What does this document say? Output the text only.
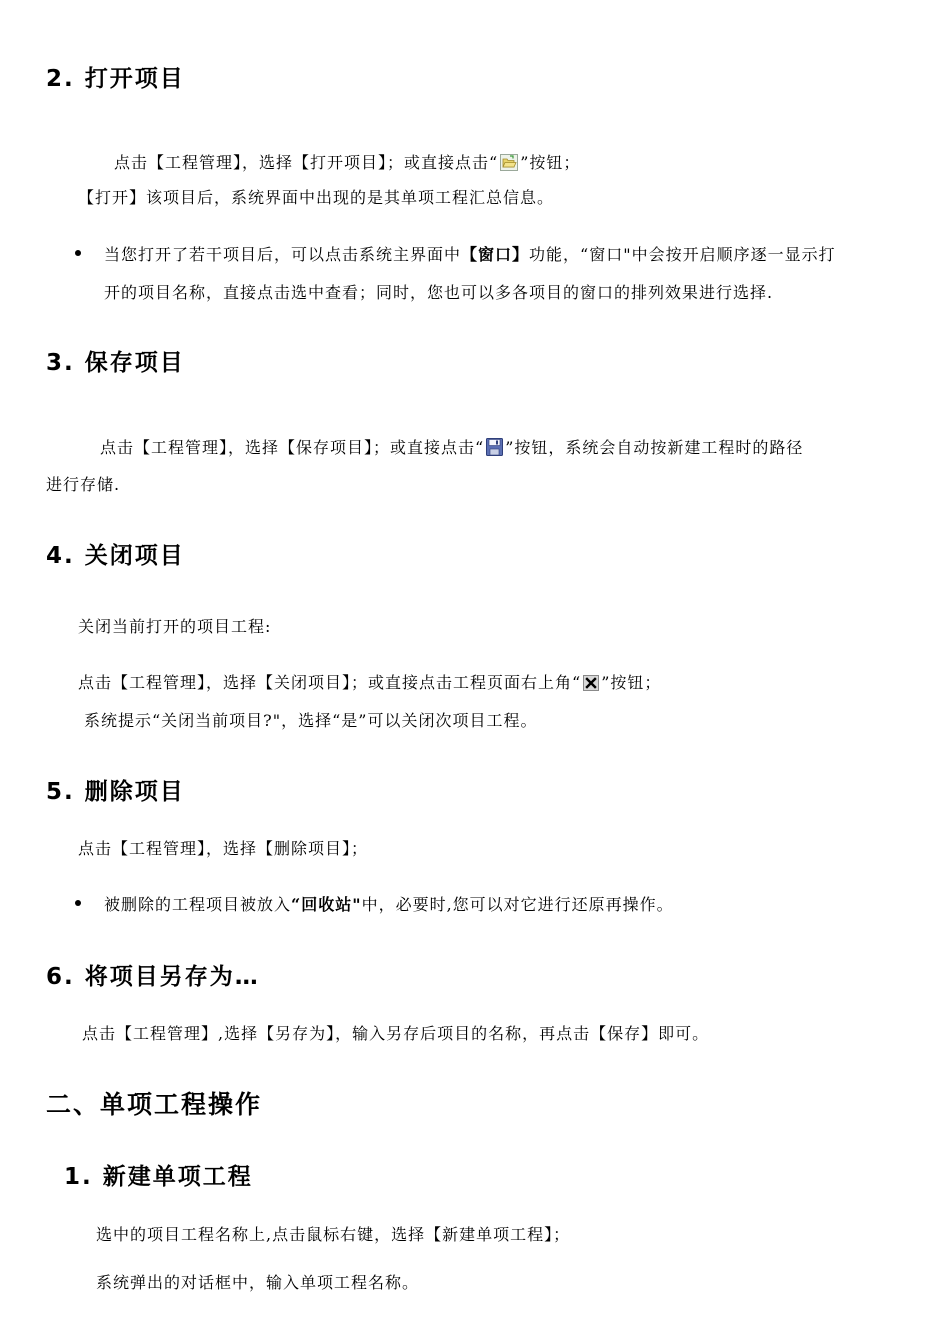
2. 打开项目
点击【工程管理】，选择【打开项目】；或直接点击“ ”按钮；
【打开】该项目后，系统界面中出现的是其单项工程汇总信息。
当您打开了若干项目后，可以点击系统主界面中【窗口】功能，“窗口"中会按开启顺序逐一显示打
开的项目名称，直接点击选中查看；同时，您也可以多各项目的窗口的排列效果进行选择.
3. 保存项目
点击【工程管理】，选择【保存项目】；或直接点击“ ”按钮，系统会自动按新建工程时的路径
进行存储.
4. 关闭项目
关闭当前打开的项目工程:
点击【工程管理】，选择【关闭项目】；或直接点击工程页面右上角“ ”按钮；
系统提示“关闭当前项目?"，选择“是”可以关闭次项目工程。
5. 删除项目
点击【工程管理】，选择【删除项目】；
被删除的工程项目被放入“回收站"中，必要时,您可以对它进行还原再操作。
6. 将项目另存为…
点击【工程管理】,选择【另存为】，输入另存后项目的名称，再点击【保存】即可。
二、单项工程操作
1. 新建单项工程
选中的项目工程名称上,点击鼠标右键，选择【新建单项工程】；
系统弹出的对话框中，输入单项工程名称。
